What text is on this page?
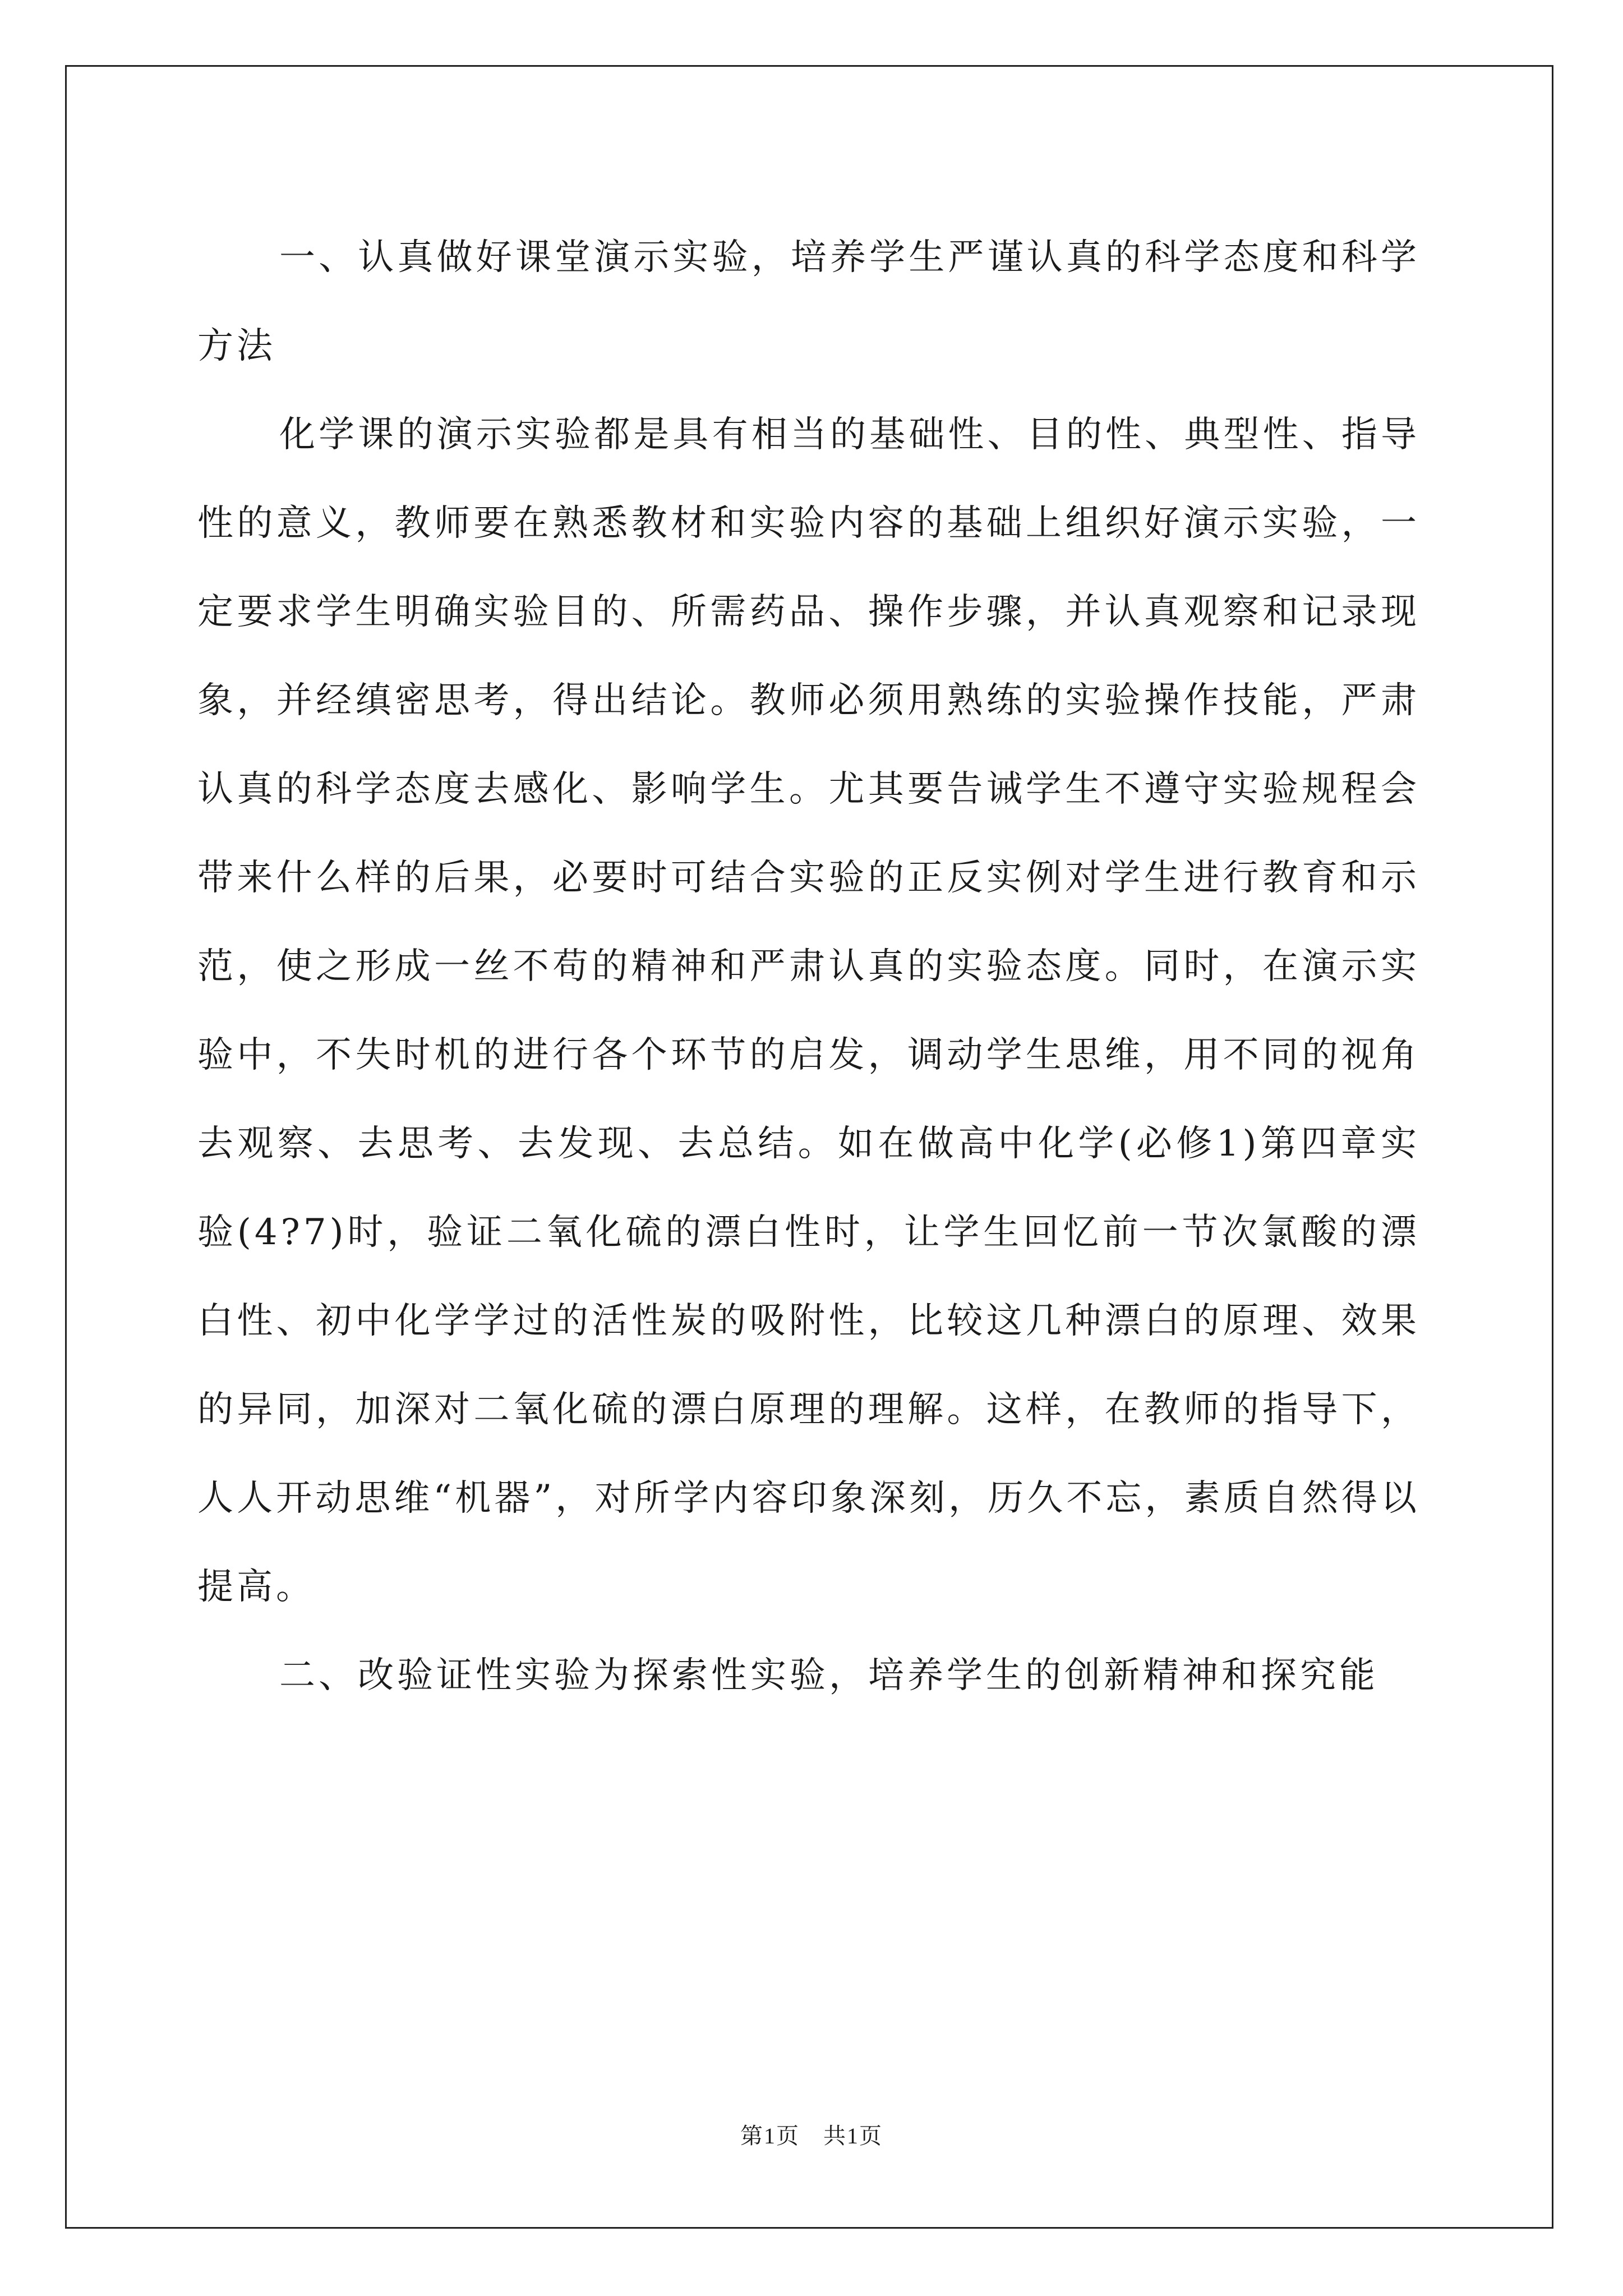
一、认真做好课堂演示实验，培养学生严谨认真的科学态度和科学方法

化学课的演示实验都是具有相当的基础性、目的性、典型性、指导性的意义，教师要在熟悉教材和实验内容的基础上组织好演示实验，一定要求学生明确实验目的、所需药品、操作步骤，并认真观察和记录现象，并经缜密思考，得出结论。教师必须用熟练的实验操作技能，严肃认真的科学态度去感化、影响学生。尤其要告诫学生不遵守实验规程会带来什么样的后果，必要时可结合实验的正反实例对学生进行教育和示范，使之形成一丝不苟的精神和严肃认真的实验态度。同时，在演示实验中，不失时机的进行各个环节的启发，调动学生思维，用不同的视角去观察、去思考、去发现、去总结。如在做高中化学(必修1)第四章实验(4?7)时，验证二氧化硫的漂白性时，让学生回忆前一节次氯酸的漂白性、初中化学学过的活性炭的吸附性，比较这几种漂白的原理、效果的异同，加深对二氧化硫的漂白原理的理解。这样，在教师的指导下，人人开动思维“机器”，对所学内容印象深刻，历久不忘，素质自然得以提高。

二、改验证性实验为探索性实验，培养学生的创新精神和探究能

第1页　共1页
